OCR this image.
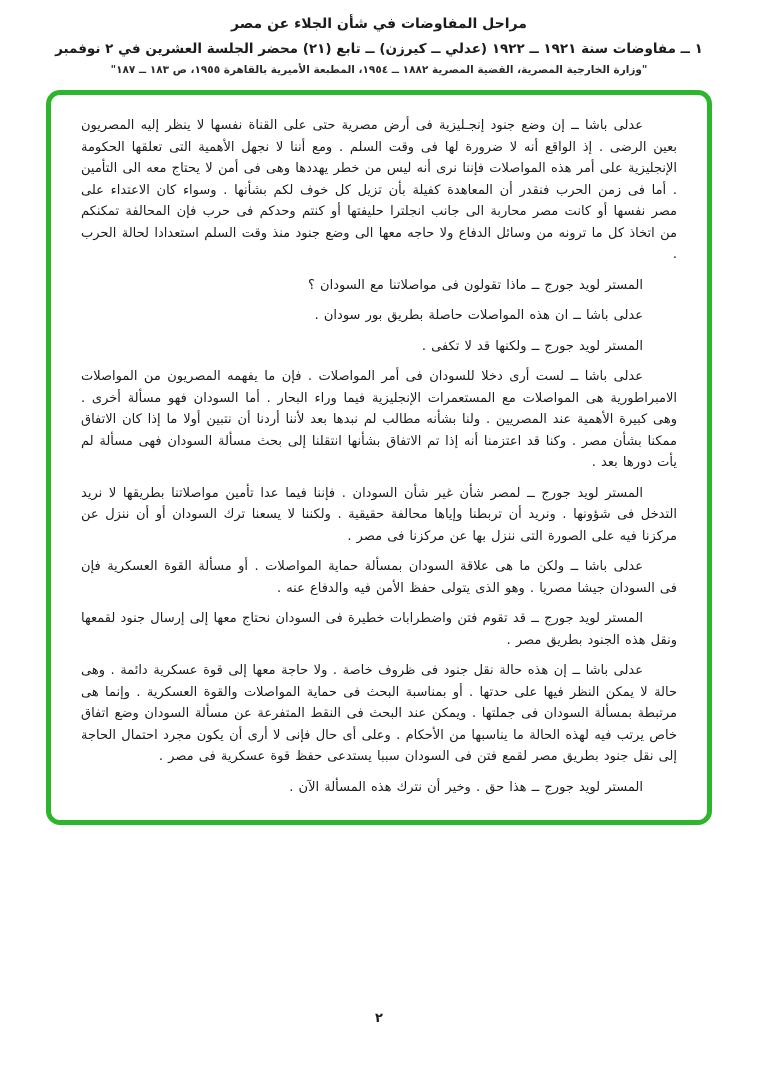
مراحل المفاوضات في شأن الجلاء عن مصر
١ ــ مفاوضات سنة ١٩٢١ ــ ١٩٢٢ (عدلي ــ كيرزن) ــ تابع (٢١) محضر الجلسة العشرين في ٢ نوفمبر
"وزارة الخارجية المصرية، القضية المصرية ١٨٨٢ ــ ١٩٥٤، المطبعة الأميرية بالقاهرة ١٩٥٥، ص ١٨٣ ــ ١٨٧"

عدلى باشا ــ إن وضع جنود إنجـليزية فى أرض مصرية حتى على القناة نفسها لا ينظر إليه المصريون بعين الرضى . إذ الواقع أنه لا ضرورة لها فى وقت السلم . ومع أننا لا نجهل الأهمية التى تعلقها الحكومة الإنجليزية على أمر هذه المواصلات فإننا نرى أنه ليس من خطر يهددها وهى فى أمن لا يحتاج معه الى التأمين . أما فى زمن الحرب فنقدر أن المعاهدة كفيلة بأن تزيل كل خوف لكم بشأنها . وسواء كان الاعتداء على مصر نفسها أو كانت مصر محاربة الى جانب انجلترا حليفتها أو كنتم وحدكم فى حرب فإن المحالفة تمكنكم من اتخاذ كل ما ترونه من وسائل الدفاع ولا حاجه معها الى وضع جنود منذ وقت السلم استعدادا لحالة الحرب .

المستر لويد جورج ــ ماذا تقولون فى مواصلاتنا مع السودان ؟

عدلى باشا ــ ان هذه المواصلات حاصلة بطريق بور سودان .

المستر لويد جورج ــ ولكنها قد لا تكفى .

عدلى باشا ــ لست أرى دخلا للسودان فى أمر المواصلات . فإن ما يفهمه المصريون من المواصلات الامبراطورية هى المواصلات مع المستعمرات الإنجليزية فيما وراء البحار . أما السودان فهو مسألة أخرى . وهى كبيرة الأهمية عند المصريين . ولنا بشأنه مطالب لم نبدها بعد لأننا أردنا أن نتبين أولا ما إذا كان الاتفاق ممكنا بشأن مصر . وكنا قد اعتزمنا أنه إذا تم الاتفاق بشأنها انتقلنا إلى بحث مسألة السودان فهى مسألة لم يأت دورها بعد .

المستر لويد جورج ــ لمصر شأن غير شأن السودان . فإننا فيما عدا تأمين مواصلاتنا بطريقها لا نريد التدخل فى شؤونها . ونريد أن تربطنا وإياها محالفة حقيقية . ولكننا لا يسعنا ترك السودان أو أن ننزل عن مركزنا فيه على الصورة التى ننزل بها عن مركزنا فى مصر .

عدلى باشا ــ ولكن ما هى علاقة السودان بمسألة حماية المواصلات . أو مسألة القوة العسكرية فإن فى السودان جيشا مصريا . وهو الذى يتولى حفظ الأمن فيه والدفاع عنه .

المستر لويد جورج ــ قد تقوم فتن واضطرابات خطيرة فى السودان نحتاج معها إلى إرسال جنود لقمعها ونقل هذه الجنود بطريق مصر .

عدلى باشا ــ إن هذه حالة نقل جنود فى ظروف خاصة . ولا حاجة معها إلى قوة عسكرية دائمة . وهى حالة لا يمكن النظر فيها على حدتها . أو بمناسبة البحث فى حماية المواصلات والقوة العسكرية . وإنما هى مرتبطة بمسألة السودان فى جملتها . ويمكن عند البحث فى النقط المتفرعة عن مسألة السودان وضع اتفاق خاص يرتب فيه لهذه الحالة ما يناسبها من الأحكام . وعلى أى حال فإنى لا أرى أن يكون مجرد احتمال الحاجة إلى نقل جنود بطريق مصر لقمع فتن فى السودان سببا يستدعى حفظ قوة عسكرية فى مصر .

المستر لويد جورج ــ هذا حق . وخير أن نترك هذه المسألة الآن .

٢
